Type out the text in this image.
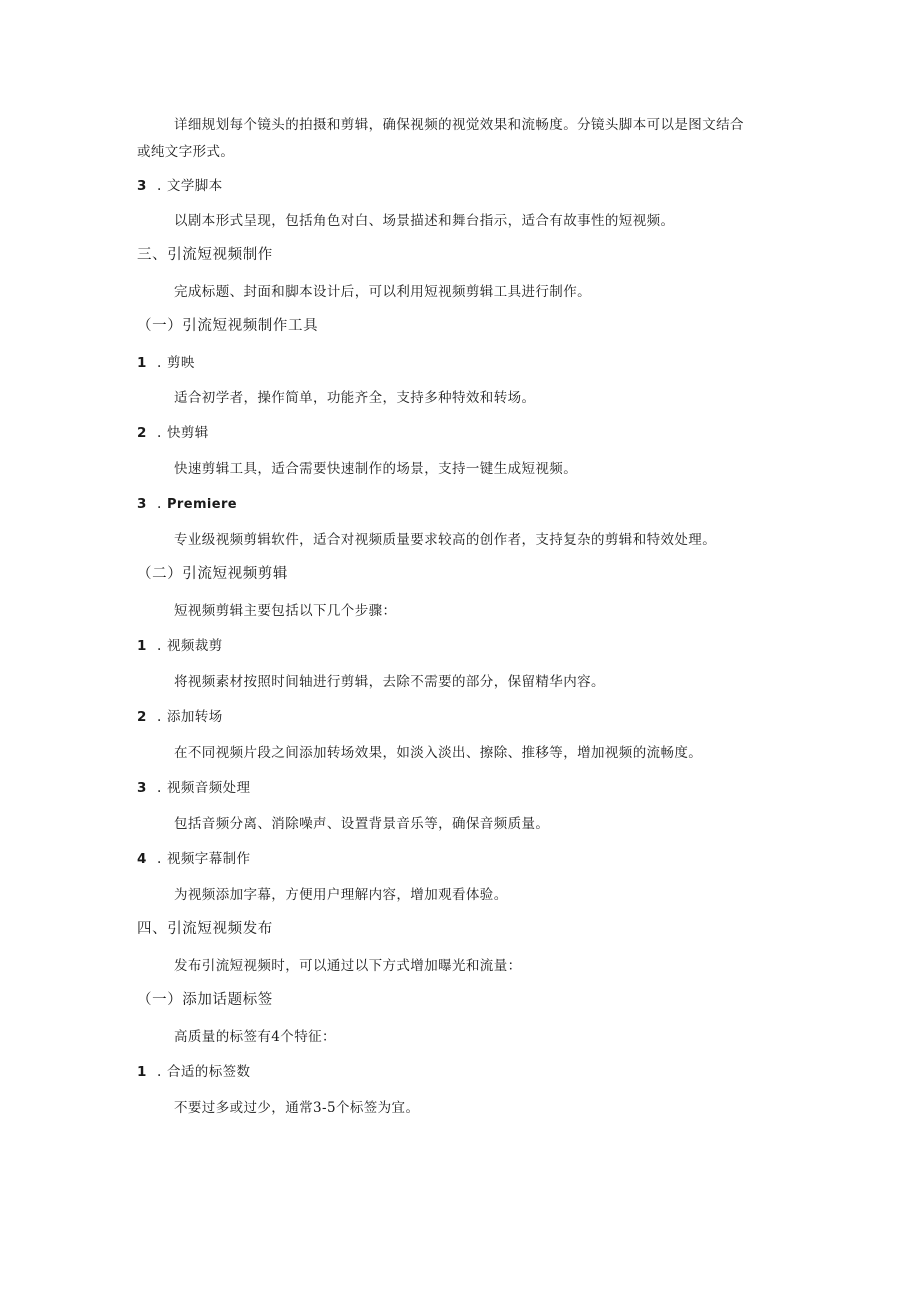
详细规划每个镜头的拍摄和剪辑，确保视频的视觉效果和流畅度。分镜头脚本可以是图文结合
或纯文字形式。
3 . 文学脚本
以剧本形式呈现，包括角色对白、场景描述和舞台指示，适合有故事性的短视频。
三、引流短视频制作
完成标题、封面和脚本设计后，可以利用短视频剪辑工具进行制作。
（一）引流短视频制作工具
1 . 剪映
适合初学者，操作简单，功能齐全，支持多种特效和转场。
2 . 快剪辑
快速剪辑工具，适合需要快速制作的场景，支持一键生成短视频。
3 . Premiere
专业级视频剪辑软件，适合对视频质量要求较高的创作者，支持复杂的剪辑和特效处理。
（二）引流短视频剪辑
短视频剪辑主要包括以下几个步骤：
1 . 视频裁剪
将视频素材按照时间轴进行剪辑，去除不需要的部分，保留精华内容。
2 . 添加转场
在不同视频片段之间添加转场效果，如淡入淡出、擦除、推移等，增加视频的流畅度。
3 . 视频音频处理
包括音频分离、消除噪声、设置背景音乐等，确保音频质量。
4 . 视频字幕制作
为视频添加字幕，方便用户理解内容，增加观看体验。
四、引流短视频发布
发布引流短视频时，可以通过以下方式增加曝光和流量：
（一）添加话题标签
高质量的标签有4个特征：
1 . 合适的标签数
不要过多或过少，通常3-5个标签为宜。
